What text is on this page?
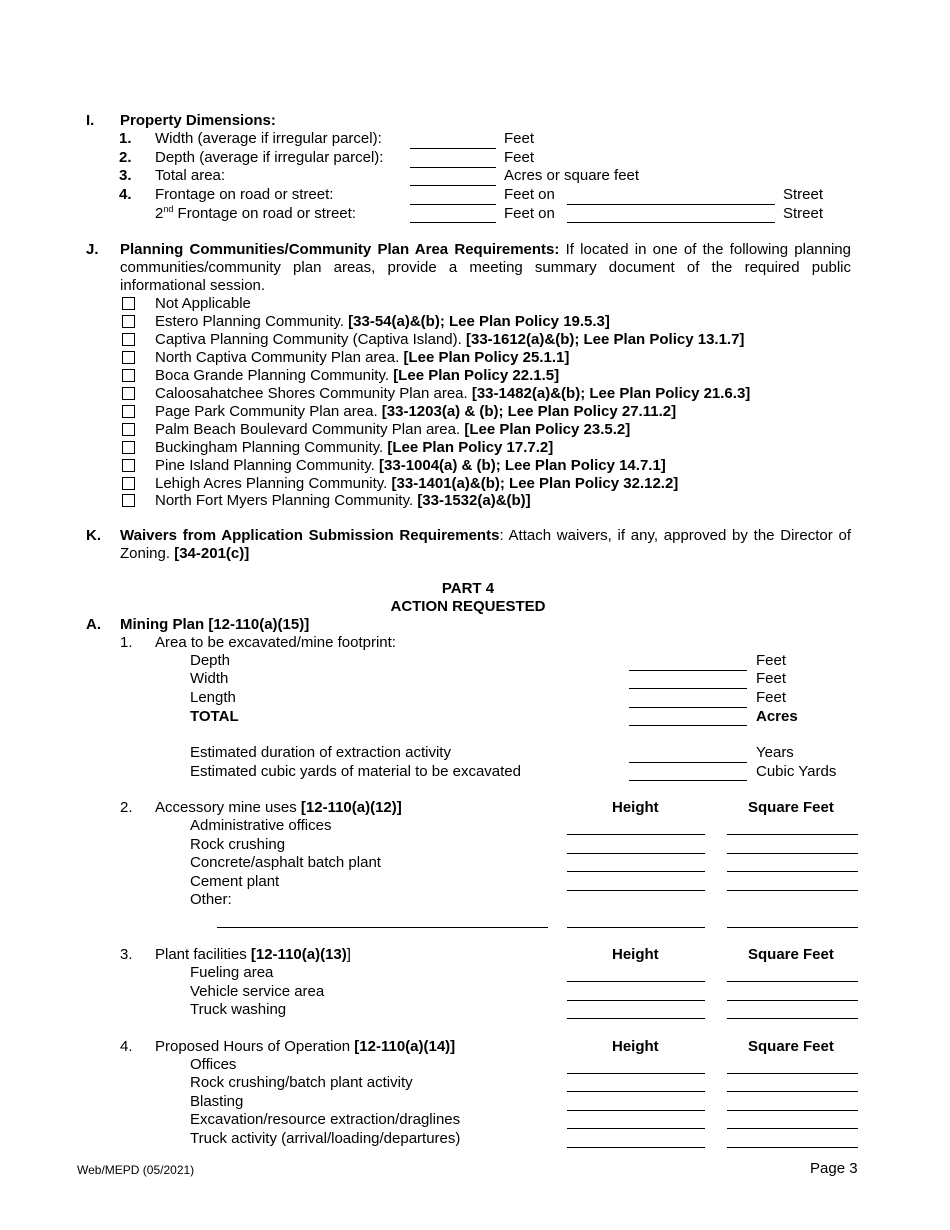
I. Property Dimensions:
1. Width (average if irregular parcel):	Feet
2. Depth (average if irregular parcel):	Feet
3. Total area:	Acres or square feet
4. Frontage on road or street:	Feet on	Street
2nd Frontage on road or street:	Feet on	Street
J. Planning Communities/Community Plan Area Requirements: If located in one of the following planning communities/community plan areas, provide a meeting summary document of the required public informational session.
Not Applicable
Estero Planning Community. [33-54(a)&(b); Lee Plan Policy 19.5.3]
Captiva Planning Community (Captiva Island). [33-1612(a)&(b); Lee Plan Policy 13.1.7]
North Captiva Community Plan area. [Lee Plan Policy 25.1.1]
Boca Grande Planning Community. [Lee Plan Policy 22.1.5]
Caloosahatchee Shores Community Plan area. [33-1482(a)&(b); Lee Plan Policy 21.6.3]
Page Park Community Plan area. [33-1203(a) & (b); Lee Plan Policy 27.11.2]
Palm Beach Boulevard Community Plan area. [Lee Plan Policy 23.5.2]
Buckingham Planning Community. [Lee Plan Policy 17.7.2]
Pine Island Planning Community. [33-1004(a) & (b); Lee Plan Policy 14.7.1]
Lehigh Acres Planning Community. [33-1401(a)&(b); Lee Plan Policy 32.12.2]
North Fort Myers Planning Community. [33-1532(a)&(b)]
K. Waivers from Application Submission Requirements: Attach waivers, if any, approved by the Director of Zoning. [34-201(c)]
PART 4
ACTION REQUESTED
A. Mining Plan [12-110(a)(15)]
1. Area to be excavated/mine footprint:
Depth	Feet
Width	Feet
Length	Feet
TOTAL	Acres
Estimated duration of extraction activity	Years
Estimated cubic yards of material to be excavated	Cubic Yards
2. Accessory mine uses [12-110(a)(12)]	Height	Square Feet
Administrative offices
Rock crushing
Concrete/asphalt batch plant
Cement plant
Other:
3. Plant facilities [12-110(a)(13)]	Height	Square Feet
Fueling area
Vehicle service area
Truck washing
4. Proposed Hours of Operation [12-110(a)(14)]	Height	Square Feet
Offices
Rock crushing/batch plant activity
Blasting
Excavation/resource extraction/draglines
Truck activity (arrival/loading/departures)
Web/MEPD (05/2021)	Page 3
